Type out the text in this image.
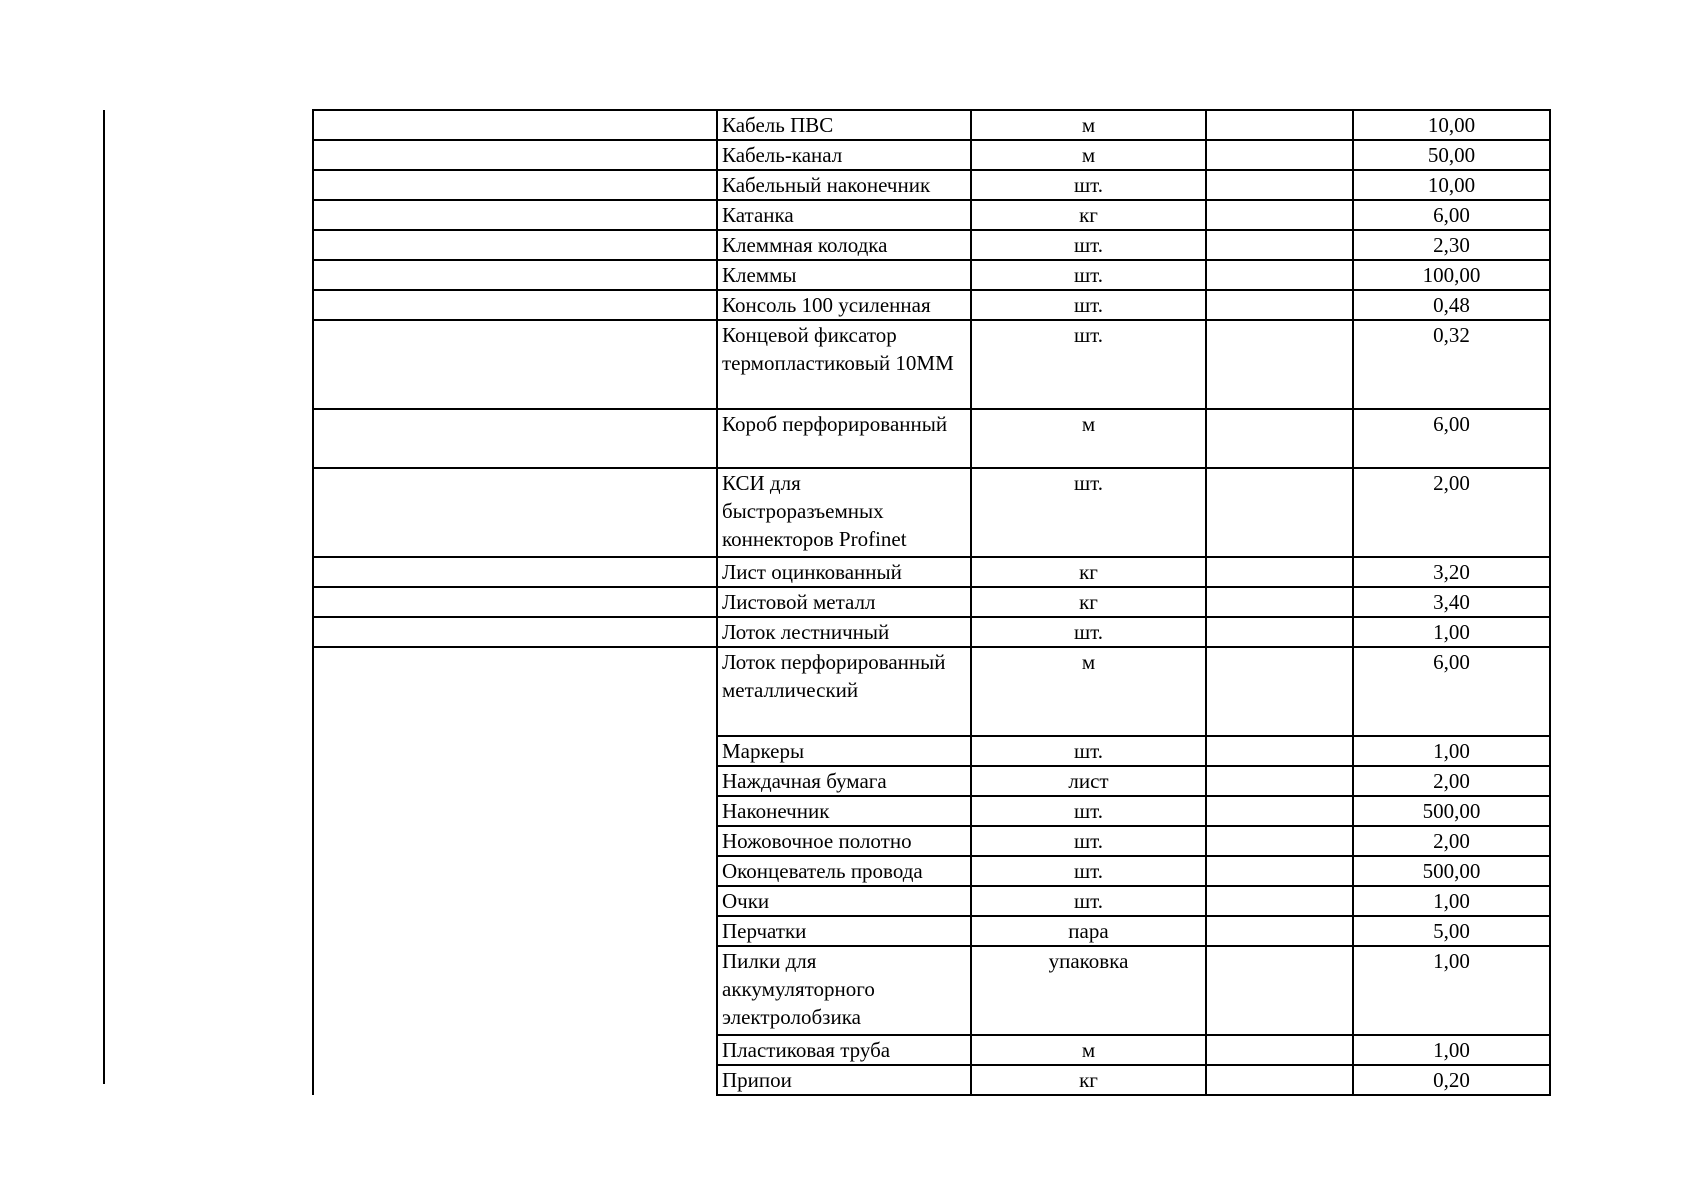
	Кабель ПВС	м		10,00
	Кабель-канал	м		50,00
	Кабельный наконечник	шт.		10,00
	Катанка	кг		6,00
	Клеммная колодка	шт.		2,30
	Клеммы	шт.		100,00
	Консоль 100 усиленная	шт.		0,48
	Концевой фиксатор термопластиковый 10ММ	шт.		0,32
	Короб перфорированный	м		6,00
	КСИ для быстроразъемных коннекторов Profinet	шт.		2,00
	Лист оцинкованный	кг		3,20
	Листовой металл	кг		3,40
	Лоток лестничный	шт.		1,00
	Лоток перфорированный металлический	м		6,00
	Маркеры	шт.		1,00
	Наждачная бумага	лист		2,00
	Наконечник	шт.		500,00
	Ножовочное полотно	шт.		2,00
	Оконцеватель провода	шт.		500,00
	Очки	шт.		1,00
	Перчатки	пара		5,00
	Пилки для аккумуляторного электролобзика	упаковка		1,00
	Пластиковая труба	м		1,00
	Припои	кг		0,20
